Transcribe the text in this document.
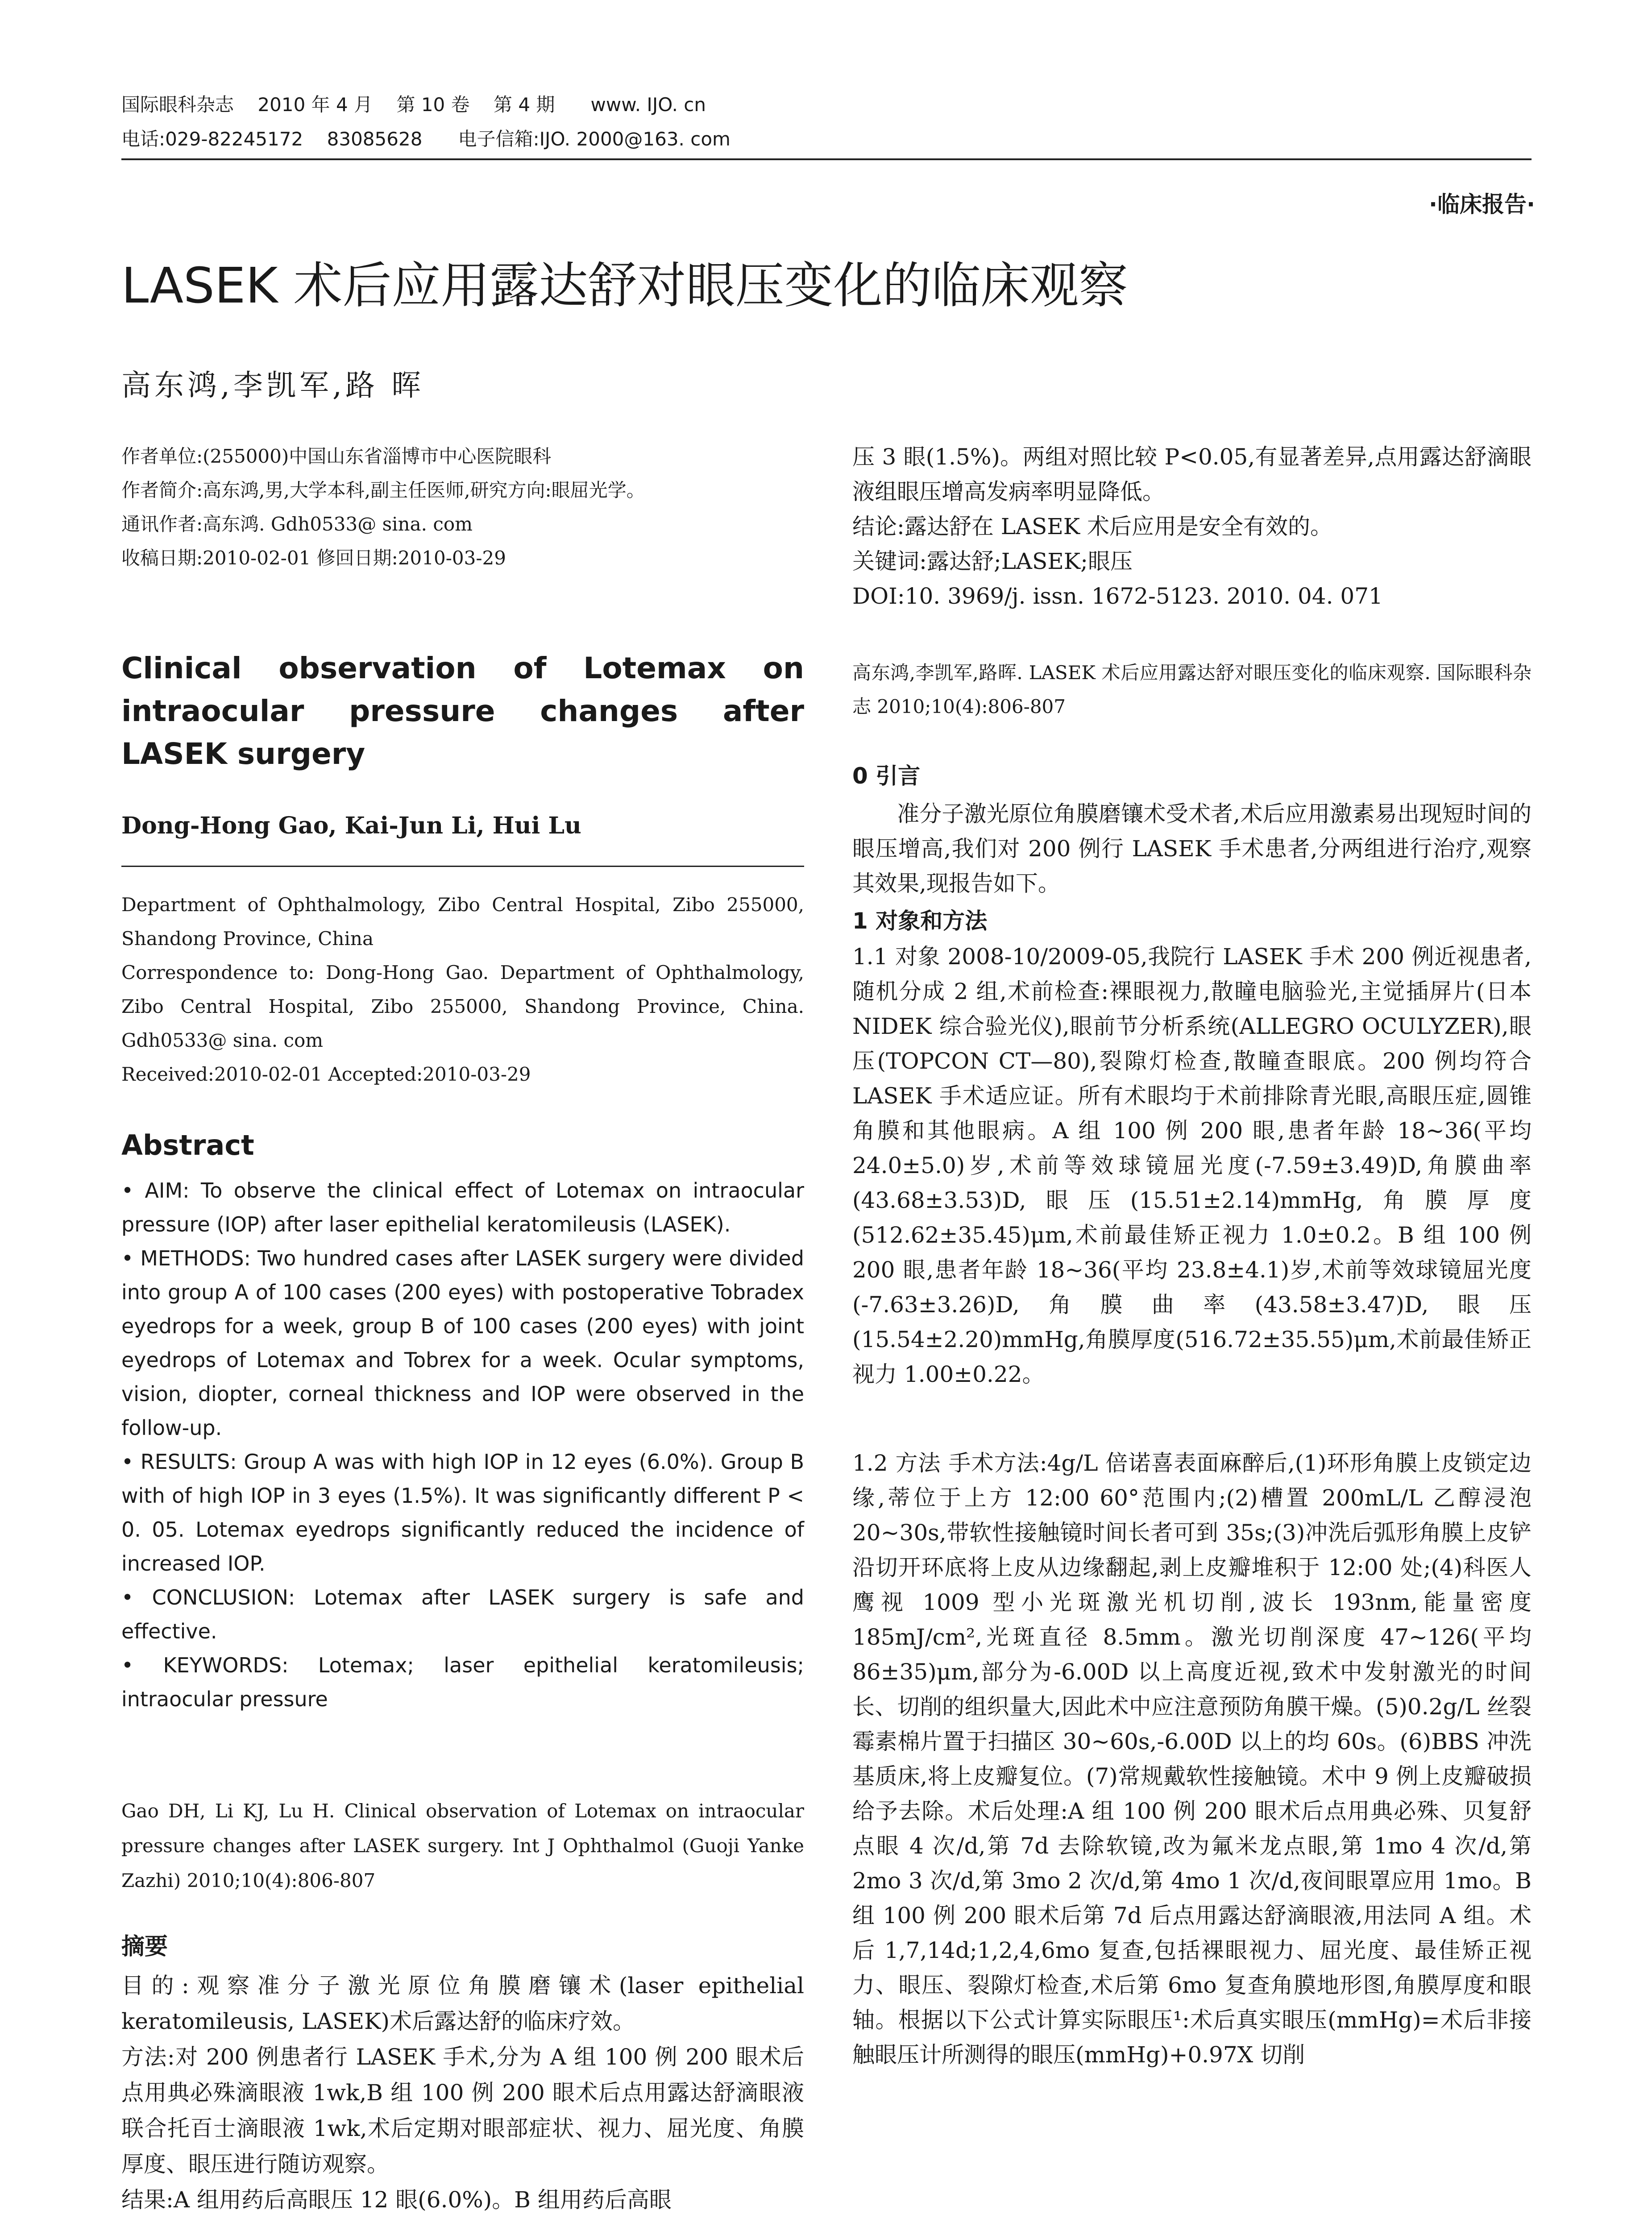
国际眼科杂志    2010 年 4 月    第 10 卷    第 4 期      www. IJO. cn
电话:029-82245172    83085628      电子信箱:IJO. 2000@163. com
·临床报告·
LASEK 术后应用露达舒对眼压变化的临床观察
高东鸿,李凯军,路 晖

作者单位:(255000)中国山东省淄博市中心医院眼科

作者简介:高东鸿,男,大学本科,副主任医师,研究方向:眼屈光学。

通讯作者:高东鸿. Gdh0533@ sina. com

收稿日期:2010-02-01 修回日期:2010-03-29

Clinical observation of Lotemax on intraocular pressure changes after LASEK surgery
Dong-Hong Gao, Kai-Jun Li, Hui Lu

Department of Ophthalmology, Zibo Central Hospital, Zibo 255000, Shandong Province, China

Correspondence to: Dong-Hong Gao. Department of Ophthalmology, Zibo Central Hospital, Zibo 255000, Shandong Province, China. Gdh0533@ sina. com

Received:2010-02-01 Accepted:2010-03-29

Abstract

• AIM: To observe the clinical effect of Lotemax on intraocular pressure (IOP) after laser epithelial keratomileusis (LASEK).

• METHODS: Two hundred cases after LASEK surgery were divided into group A of 100 cases (200 eyes) with postoperative Tobradex eyedrops for a week, group B of 100 cases (200 eyes) with joint eyedrops of Lotemax and Tobrex for a week. Ocular symptoms, vision, diopter, corneal thickness and IOP were observed in the follow-up.

• RESULTS: Group A was with high IOP in 12 eyes (6.0%). Group B with of high IOP in 3 eyes (1.5%). It was significantly different P < 0. 05. Lotemax eyedrops significantly reduced the incidence of increased IOP.

• CONCLUSION: Lotemax after LASEK surgery is safe and effective.

• KEYWORDS: Lotemax; laser epithelial keratomileusis; intraocular pressure

Gao DH, Li KJ, Lu H. Clinical observation of Lotemax on intraocular pressure changes after LASEK surgery. Int J Ophthalmol (Guoji Yanke Zazhi) 2010;10(4):806-807
摘要

目的:观察准分子激光原位角膜磨镶术(laser epithelial keratomileusis, LASEK)术后露达舒的临床疗效。

方法:对 200 例患者行 LASEK 手术,分为 A 组 100 例 200 眼术后点用典必殊滴眼液 1wk,B 组 100 例 200 眼术后点用露达舒滴眼液联合托百士滴眼液 1wk,术后定期对眼部症状、视力、屈光度、角膜厚度、眼压进行随访观察。

结果:A 组用药后高眼压 12 眼(6.0%)。B 组用药后高眼

压 3 眼(1.5%)。两组对照比较 P<0.05,有显著差异,点用露达舒滴眼液组眼压增高发病率明显降低。

结论:露达舒在 LASEK 术后应用是安全有效的。

关键词:露达舒;LASEK;眼压

DOI:10. 3969/j. issn. 1672-5123. 2010. 04. 071

高东鸿,李凯军,路晖. LASEK 术后应用露达舒对眼压变化的临床观察. 国际眼科杂志 2010;10(4):806-807
0 引言
准分子激光原位角膜磨镶术受术者,术后应用激素易出现短时间的眼压增高,我们对 200 例行 LASEK 手术患者,分两组进行治疗,观察其效果,现报告如下。
1 对象和方法
1.1 对象 2008-10/2009-05,我院行 LASEK 手术 200 例近视患者,随机分成 2 组,术前检查:裸眼视力,散瞳电脑验光,主觉插屏片(日本 NIDEK 综合验光仪),眼前节分析系统(ALLEGRO OCULYZER),眼压(TOPCON CT—80),裂隙灯检查,散瞳查眼底。200 例均符合 LASEK 手术适应证。所有术眼均于术前排除青光眼,高眼压症,圆锥角膜和其他眼病。A 组 100 例 200 眼,患者年龄 18~36(平均 24.0±5.0)岁,术前等效球镜屈光度(-7.59±3.49)D,角膜曲率(43.68±3.53)D,眼压(15.51±2.14)mmHg,角膜厚度(512.62±35.45)μm,术前最佳矫正视力 1.0±0.2。B 组 100 例 200 眼,患者年龄 18~36(平均 23.8±4.1)岁,术前等效球镜屈光度(-7.63±3.26)D,角膜曲率(43.58±3.47)D,眼压(15.54±2.20)mmHg,角膜厚度(516.72±35.55)μm,术前最佳矫正视力 1.00±0.22。
1.2 方法 手术方法:4g/L 倍诺喜表面麻醉后,(1)环形角膜上皮锁定边缘,蒂位于上方 12:00 60°范围内;(2)槽置 200mL/L 乙醇浸泡 20~30s,带软性接触镜时间长者可到 35s;(3)冲洗后弧形角膜上皮铲沿切开环底将上皮从边缘翻起,剥上皮瓣堆积于 12:00 处;(4)科医人鹰视 1009 型小光斑激光机切削,波长 193nm,能量密度 185mJ/cm²,光斑直径 8.5mm。激光切削深度 47~126(平均 86±35)μm,部分为-6.00D 以上高度近视,致术中发射激光的时间长、切削的组织量大,因此术中应注意预防角膜干燥。(5)0.2g/L 丝裂霉素棉片置于扫描区 30~60s,-6.00D 以上的均 60s。(6)BBS 冲洗基质床,将上皮瓣复位。(7)常规戴软性接触镜。术中 9 例上皮瓣破损给予去除。术后处理:A 组 100 例 200 眼术后点用典必殊、贝复舒点眼 4 次/d,第 7d 去除软镜,改为氟米龙点眼,第 1mo 4 次/d,第 2mo 3 次/d,第 3mo 2 次/d,第 4mo 1 次/d,夜间眼罩应用 1mo。B 组 100 例 200 眼术后第 7d 后点用露达舒滴眼液,用法同 A 组。术后 1,7,14d;1,2,4,6mo 复查,包括裸眼视力、屈光度、最佳矫正视力、眼压、裂隙灯检查,术后第 6mo 复查角膜地形图,角膜厚度和眼轴。根据以下公式计算实际眼压¹:术后真实眼压(mmHg)=术后非接触眼压计所测得的眼压(mmHg)+0.97X 切削
